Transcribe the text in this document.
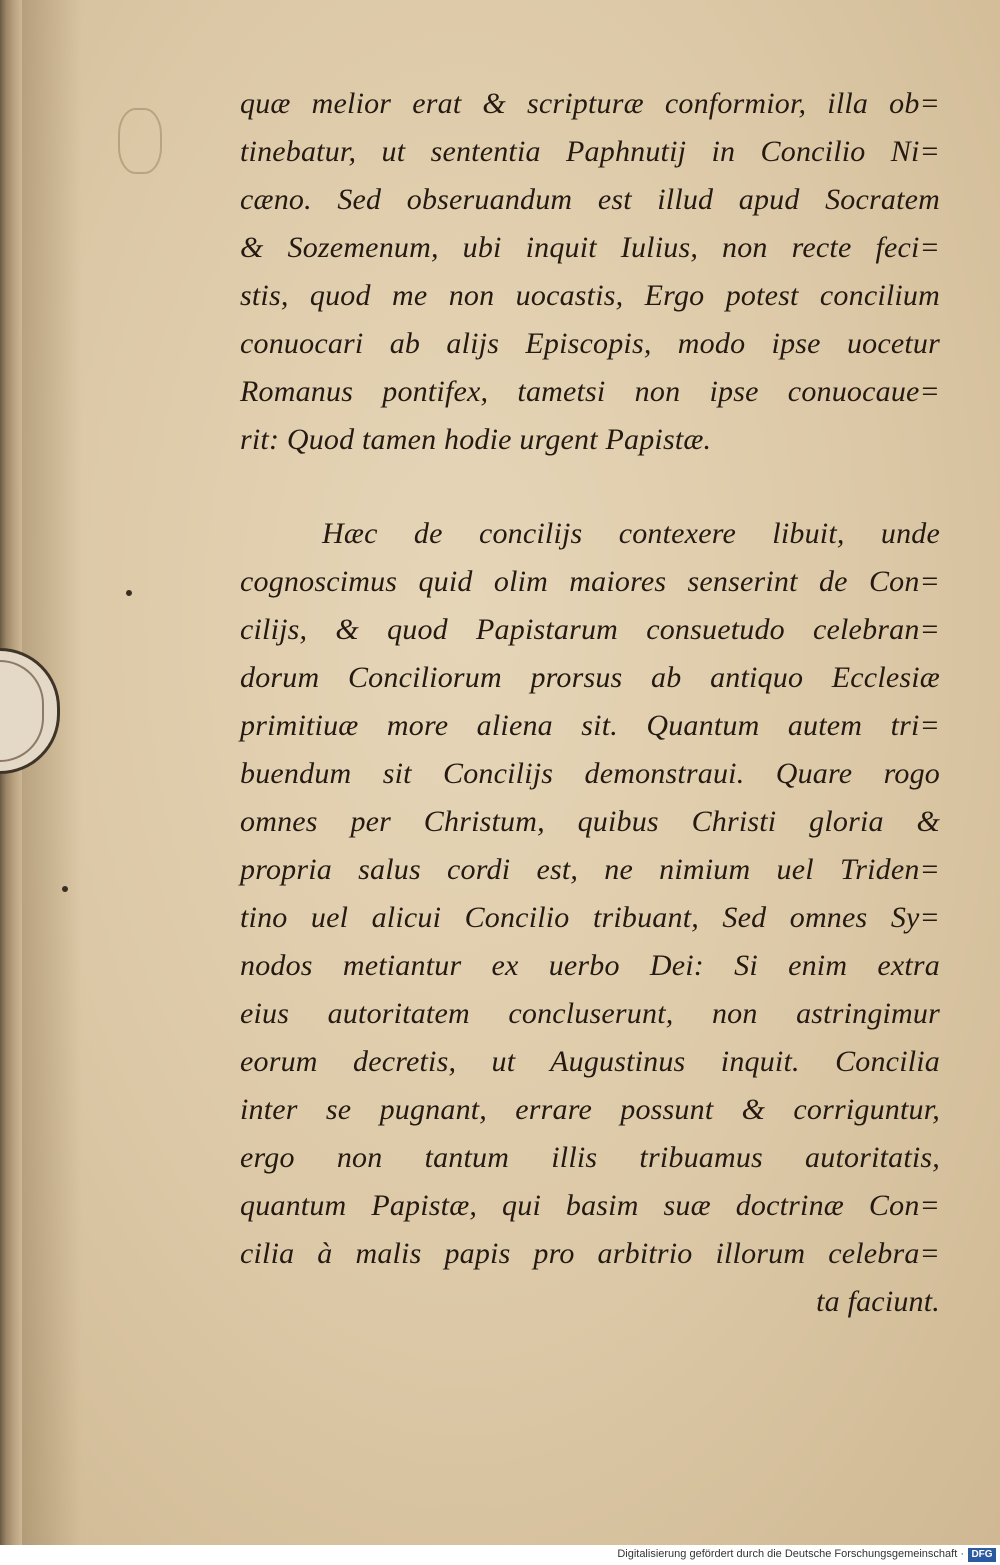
quæ melior erat & scripturæ conformior, illa ob=
tinebatur, ut sententia Paphnutij in Concilio Ni=
cæno. Sed obseruandum est illud apud Socratem
& Sozemenum, ubi inquit Iulius, non recte feci=
stis, quod me non uocastis, Ergo potest concilium
conuocari ab alijs Episcopis, modo ipse uocetur
Romanus pontifex, tametsi non ipse conuocaue=
rit: Quod tamen hodie urgent Papistæ.
Hæc de concilijs contexere libuit, unde
cognoscimus quid olim maiores senserint de Con=
cilijs, & quod Papistarum consuetudo celebran=
dorum Conciliorum prorsus ab antiquo Ecclesiæ
primitiuæ more aliena sit. Quantum autem tri=
buendum sit Concilijs demonstraui. Quare rogo
omnes per Christum, quibus Christi gloria &
propria salus cordi est, ne nimium uel Triden=
tino uel alicui Concilio tribuant, Sed omnes Sy=
nodos metiantur ex uerbo Dei: Si enim extra
eius autoritatem concluserunt, non astringimur
eorum decretis, ut Augustinus inquit. Concilia
inter se pugnant, errare possunt & corriguntur,
ergo non tantum illis tribuamus autoritatis,
quantum Papistæ, qui basim suæ doctrinæ Con=
cilia à malis papis pro arbitrio illorum celebra=
ta faciunt.
Digitalisierung gefördert durch die Deutsche Forschungsgemeinschaft · DFG
